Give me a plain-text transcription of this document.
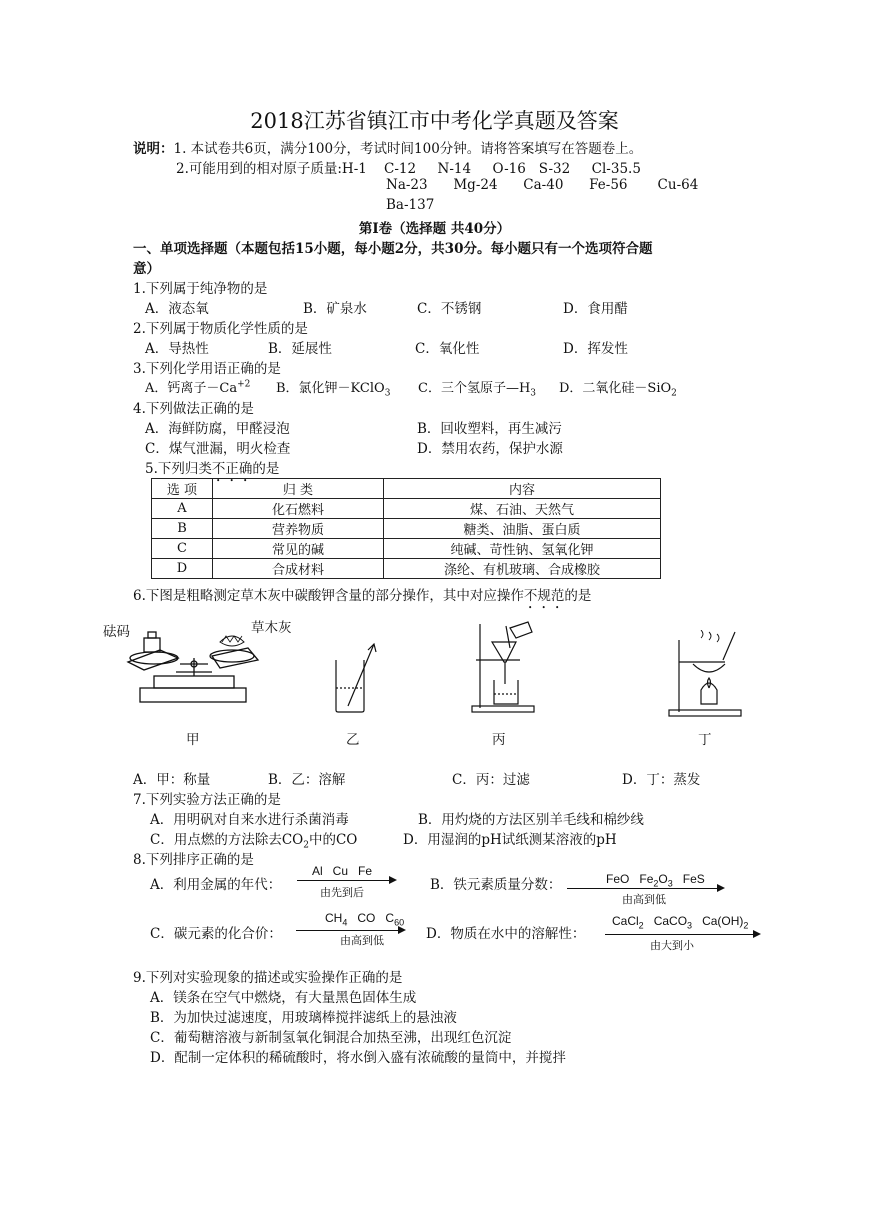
2018江苏省镇江市中考化学真题及答案
说明：1. 本试卷共6页，满分100分，考试时间100分钟。请将答案填写在答题卷上。
2.可能用到的相对原子质量:H-1    C-12     N-14     O-16   S-32     Cl-35.5
Na-23      Mg-24      Ca-40      Fe-56       Cu-64
Ba-137
第Ⅰ卷（选择题 共40分）
一、单项选择题（本题包括15小题，每小题2分，共30分。每小题只有一个选项符合题
意）
1.下列属于纯净物的是
A．液态氧	B．矿泉水	C．不锈钢	D．食用醋
2.下列属于物质化学性质的是
A．导热性	B．延展性	C．氧化性	D．挥发性
3.下列化学用语正确的是
A．钙离子$-Ca^{+2}$ B．氯化钾－KClO$_3$ C．三个氢原子$—H_3$ D．二氧化硅－SiO$_2$
4.下列做法正确的是
A．海鲜防腐，甲醛浸泡	B．回收塑料，再生减污
C．煤气泄漏，明火检查	D．禁用农药，保护水源
5.下列归类不正确的是
选 项	归 类	内容
A	化石燃料	煤、石油、天然气
B	营养物质	糖类、油脂、蛋白质
C	常见的碱	纯碱、苛性钠、氢氧化钾
D	合成材料	涤纶、有机玻璃、合成橡胶
6.下图是粗略测定草木灰中碳酸钾含量的部分操作，其中对应操作不规范的是
砝码	草木灰
甲	乙	丙	丁
A．甲：称量	B．乙：溶解	C．丙：过滤	D．丁：蒸发
7.下列实验方法正确的是
A．用明矾对自来水进行杀菌消毒	B．用灼烧的方法区别羊毛线和棉纱线
C．用点燃的方法除去$CO_2$中的CO	D．用湿润的pH试纸测某溶液的pH
8.下列排序正确的是
A．利用金属的年代：
Al   Cu   Fe
由先到后	B．铁元素质量分数：	FeO $Fe_2O_3$ FeS
由高到低
C．碳元素的化合价：
$CH_4$ CO $C_{60}$
由高到低	D．物质在水中的溶解性：
CaCl$_2$ CaCO$_3$ $Ca(OH)_2$
由大到小
9.下列对实验现象的描述或实验操作正确的是
A．镁条在空气中燃烧，有大量黑色固体生成
B．为加快过滤速度，用玻璃棒搅拌滤纸上的悬浊液
C．葡萄糖溶液与新制氢氧化铜混合加热至沸，出现红色沉淀
D．配制一定体积的稀硫酸时，将水倒入盛有浓硫酸的量筒中，并搅拌
